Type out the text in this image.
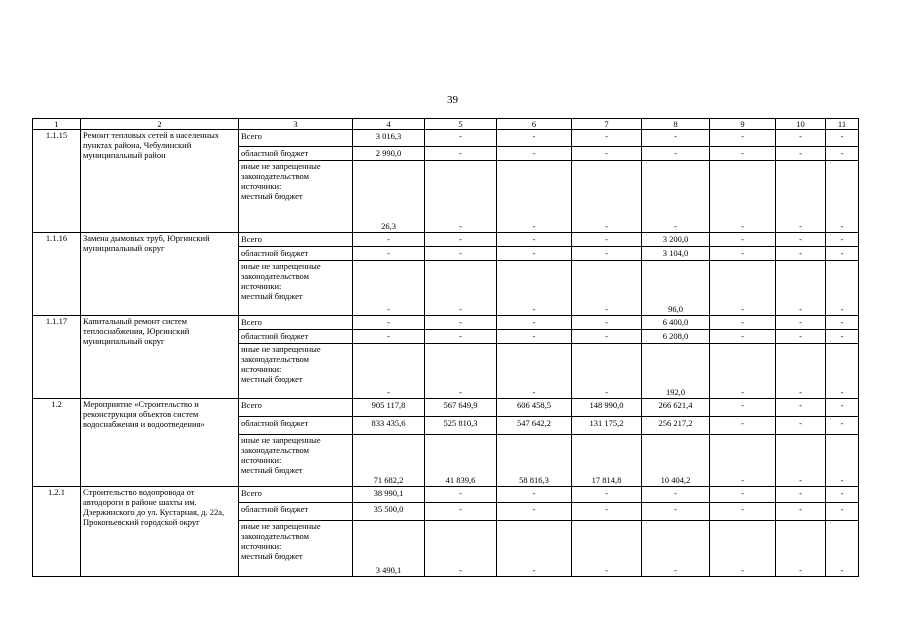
39
1	2	3	4	5	6	7	8	9	10	11
1.1.15	Ремонт тепловых сетей в населенных пунктах района, Чебулинский муниципальный район	Всего	3 016,3	-	-	-	-	-	-	-
		областной бюджет	2 990,0	-	-	-	-	-	-	-

		иные не запрещенные
законодательством
источники:
местный бюджет	26,3	-	-	-	-	-	-	-
1.1.16	Замена дымовых труб, Юргинский муниципальный округ	Всего	-	-	-	-	3 200,0	-	-	-
		областной бюджет	-	-	-	-	3 104,0	-	-	-

		иные не запрещенные
законодательством
источники:
местный бюджет	-	-	-	-	96,0	-	-	-
1.1.17	Капитальный ремонт систем теплоснабжения, Юргинский муниципальный округ	Всего	-	-	-	-	6 400,0	-	-	-
		областной бюджет	-	-	-	-	6 208,0	-	-	-

		иные не запрещенные
законодательством
источники:
местный бюджет	-	-	-	-	192,0	-	-	-
1.2	Мероприятие «Строительство и реконструкция объектов систем водоснабжения и водоотведения»	Всего	905 117,8	567 649,9	606 458,5	148 990,0	266 621,4	-	-	-
		областной бюджет	833 435,6	525 810,3	547 642,2	131 175,2	256 217,2	-	-	-

		иные не запрещенные
законодательством
источники:
местный бюджет	71 682,2	41 839,6	58 816,3	17 814,8	10 404,2	-	-	-
1.2.1	Строительство водопровода от автодороги в районе шахты им. Дзержинского до ул. Кустарная, д. 22а, Прокопьевский городской округ	Всего	38 990,1	-	-	-	-	-	-	-
		областной бюджет	35 500,0	-	-	-	-	-	-	-

		иные не запрещенные
законодательством
источники:
местный бюджет	3 490,1	-	-	-	-	-	-	-
